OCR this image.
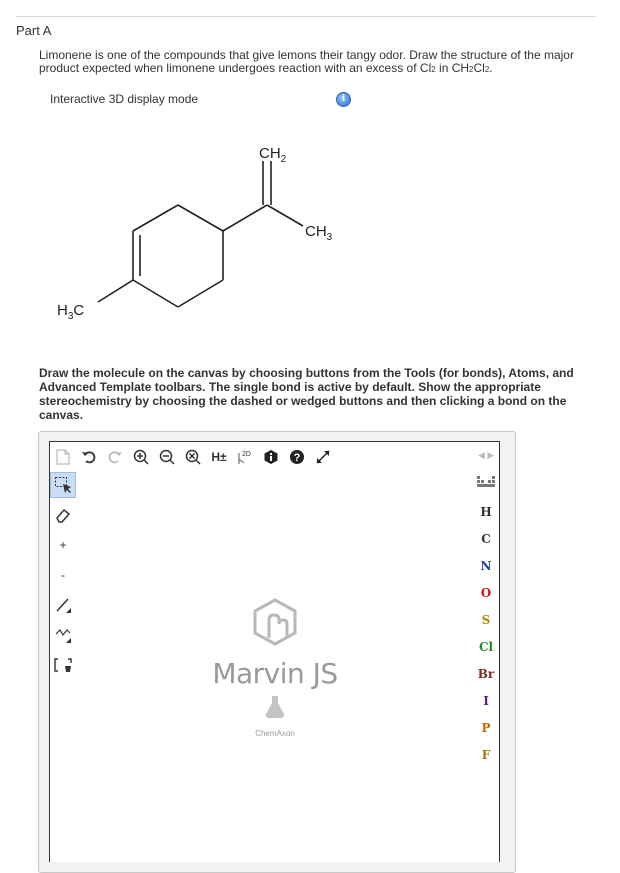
Part A
Limonene is one of the compounds that give lemons their tangy odor. Draw the structure of the major product expected when limonene undergoes reaction with an excess of Cl2 in CH2Cl2.
Interactive 3D display mode	i
$CH_2$
$CH_3$
$H_3C$
Draw the molecule on the canvas by choosing buttons from the Tools (for bonds), Atoms, and Advanced Template toolbars. The single bond is active by default. Show the appropriate stereochemistry by choosing the dashed or wedged buttons and then clicking a bond on the canvas.
H±	2D	?	◀ ▶
+
-
Marvin JS
ChemAxon
H
C
N
O
S
Cl
Br
I
P
F
